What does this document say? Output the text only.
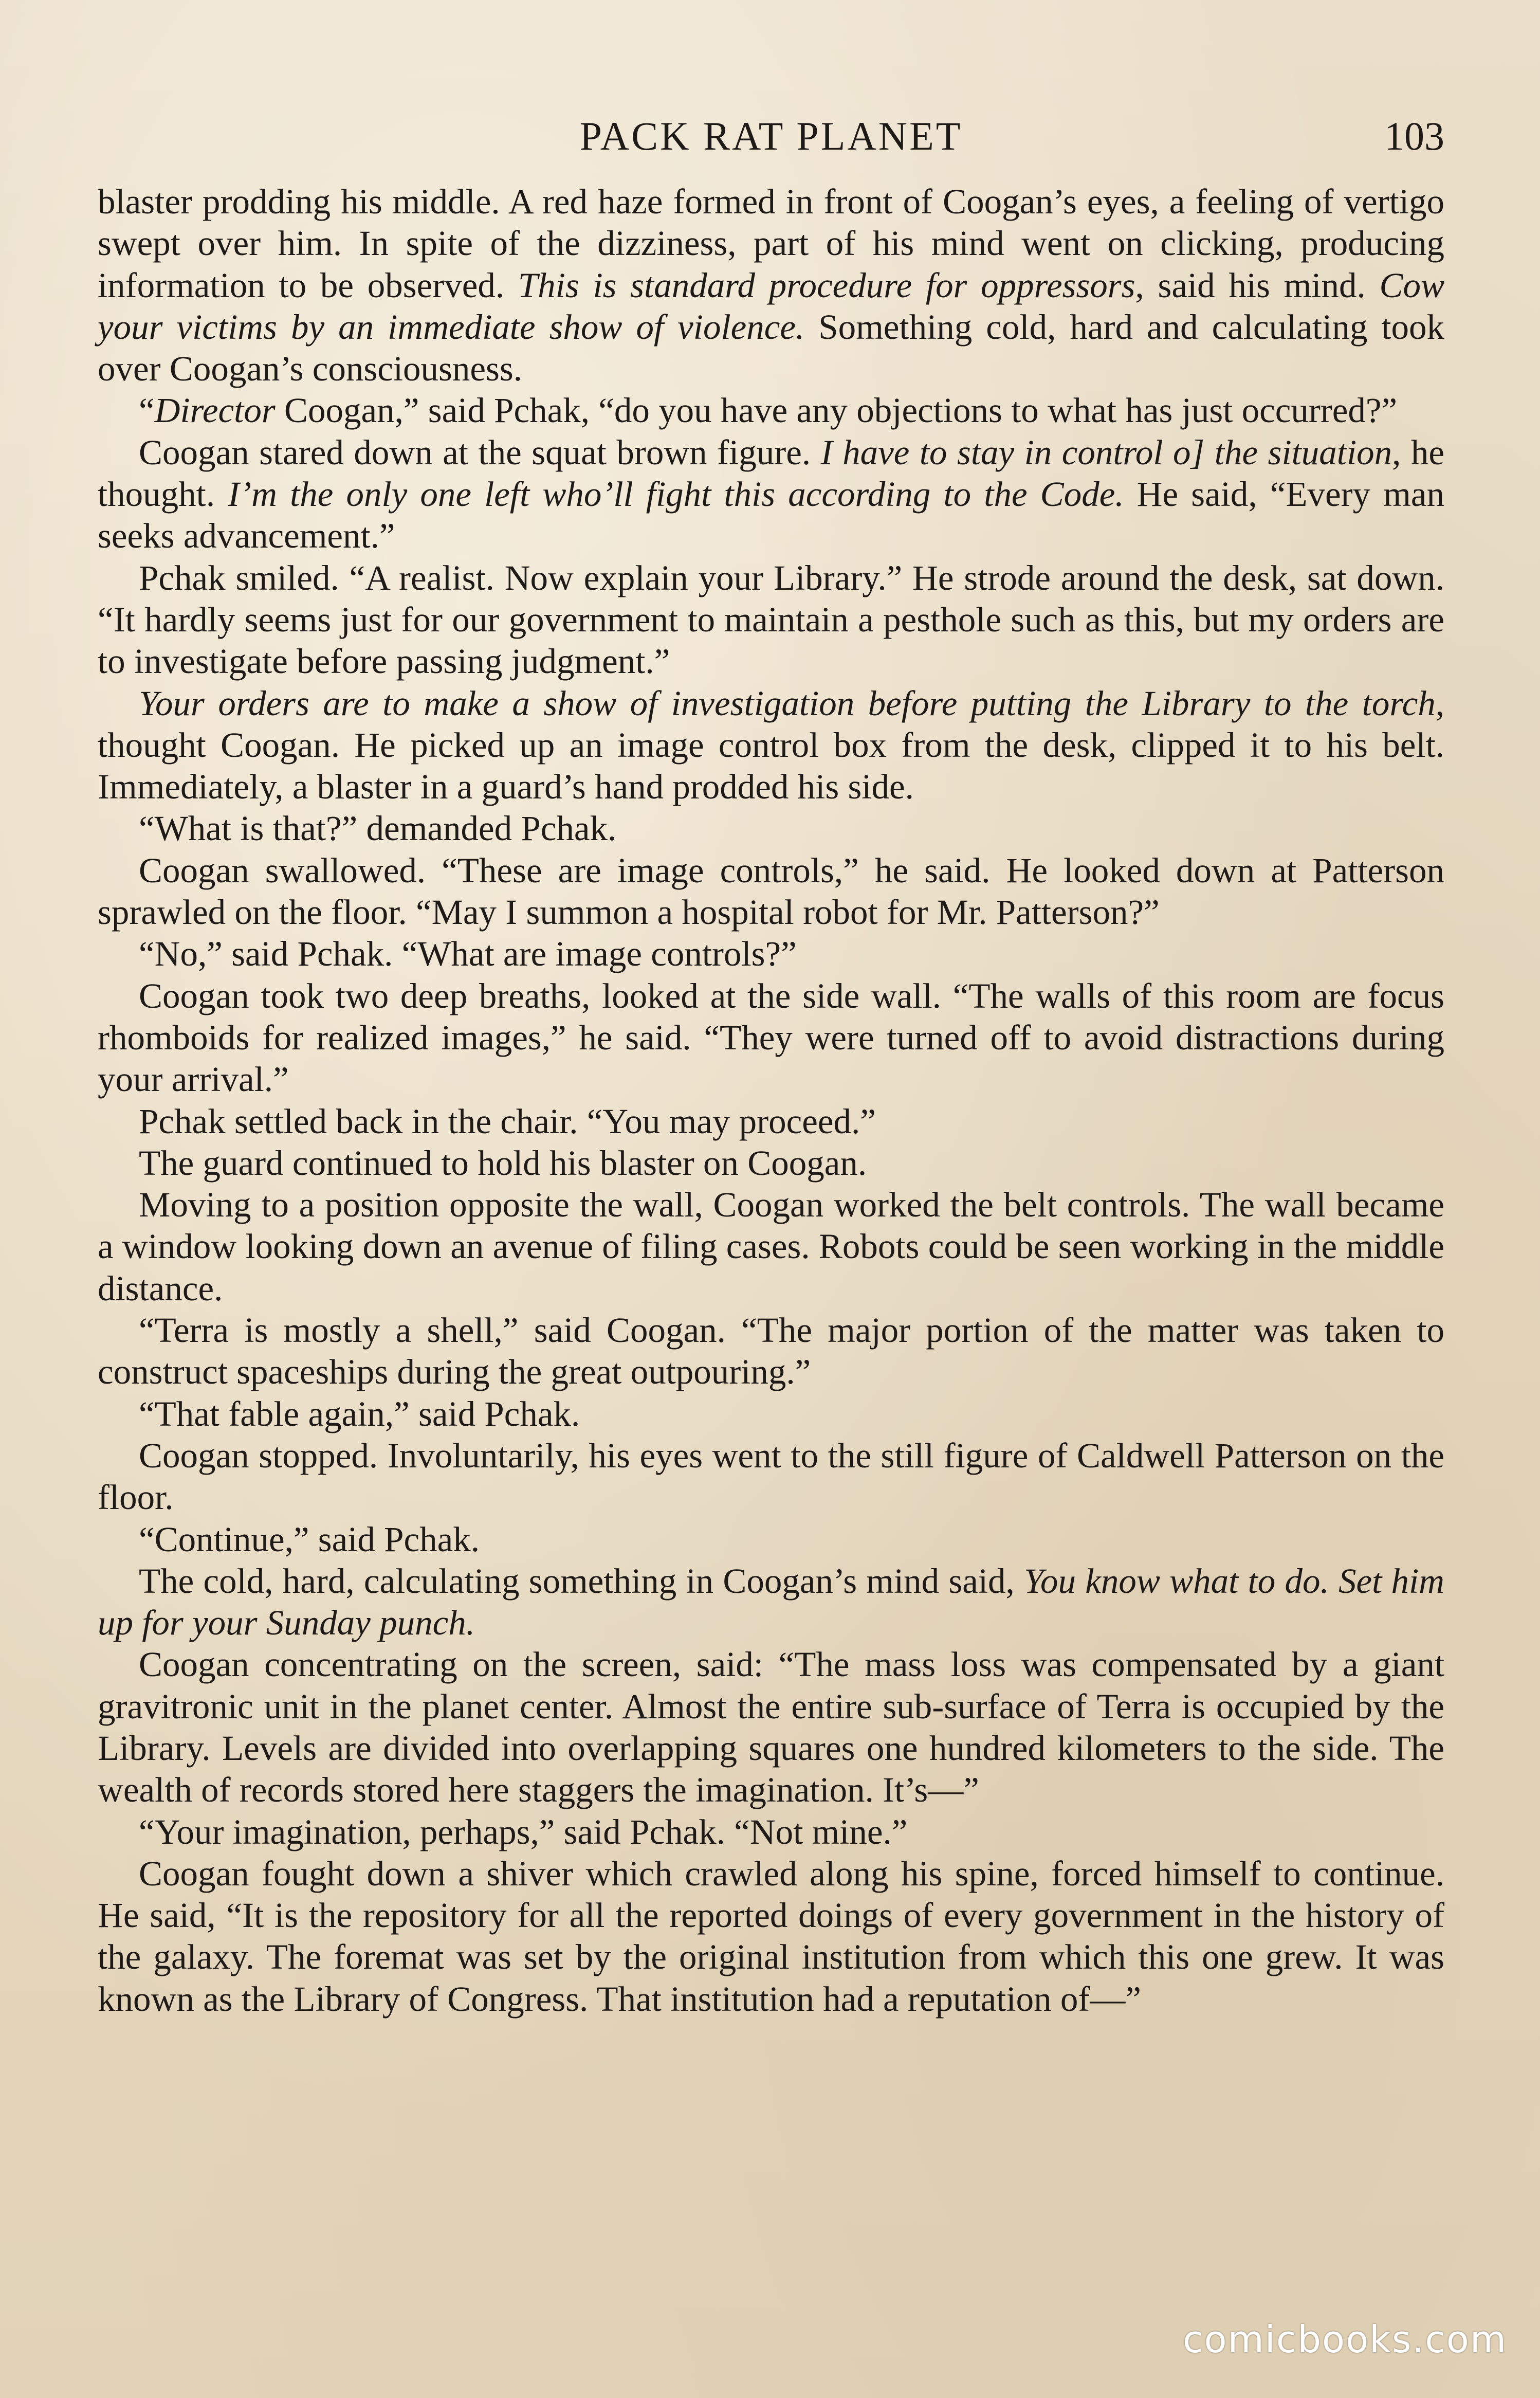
PACK RAT PLANET	103

blaster prodding his middle. A red haze formed in front of Coogan’s eyes, a feeling of vertigo swept over him. In spite of the dizziness, part of his mind went on clicking, producing information to be observed. This is standard procedure for oppressors, said his mind. Cow your victims by an immediate show of violence. Something cold, hard and calculating took over Coogan’s consciousness.

“Director Coogan,” said Pchak, “do you have any objections to what has just occurred?”

Coogan stared down at the squat brown figure. I have to stay in control o] the situation, he thought. I’m the only one left who’ll fight this according to the Code. He said, “Every man seeks advancement.”

Pchak smiled. “A realist. Now explain your Library.” He strode around the desk, sat down. “It hardly seems just for our government to maintain a pesthole such as this, but my orders are to investigate before passing judgment.”

Your orders are to make a show of investigation before putting the Library to the torch, thought Coogan. He picked up an image control box from the desk, clipped it to his belt. Immediately, a blaster in a guard’s hand prodded his side.

“What is that?” demanded Pchak.

Coogan swallowed. “These are image controls,” he said. He looked down at Patterson sprawled on the floor. “May I summon a hospital robot for Mr. Patterson?”

“No,” said Pchak. “What are image controls?”

Coogan took two deep breaths, looked at the side wall. “The walls of this room are focus rhomboids for realized images,” he said. “They were turned off to avoid distractions during your arrival.”

Pchak settled back in the chair. “You may proceed.”

The guard continued to hold his blaster on Coogan.

Moving to a position opposite the wall, Coogan worked the belt controls. The wall became a window looking down an avenue of filing cases. Robots could be seen working in the middle distance.

“Terra is mostly a shell,” said Coogan. “The major portion of the matter was taken to construct spaceships during the great outpouring.”

“That fable again,” said Pchak.

Coogan stopped. Involuntarily, his eyes went to the still figure of Caldwell Patterson on the floor.

“Continue,” said Pchak.

The cold, hard, calculating something in Coogan’s mind said, You know what to do. Set him up for your Sunday punch.

Coogan concentrating on the screen, said: “The mass loss was compensated by a giant gravitronic unit in the planet center. Almost the entire sub-surface of Terra is occupied by the Library. Levels are divided into overlapping squares one hundred kilometers to the side. The wealth of records stored here staggers the imagination. It’s—”

“Your imagination, perhaps,” said Pchak. “Not mine.”

Coogan fought down a shiver which crawled along his spine, forced himself to continue. He said, “It is the repository for all the reported doings of every government in the history of the galaxy. The foremat was set by the original institution from which this one grew. It was known as the Library of Congress. That institution had a reputation of—”

comicbooks.com
